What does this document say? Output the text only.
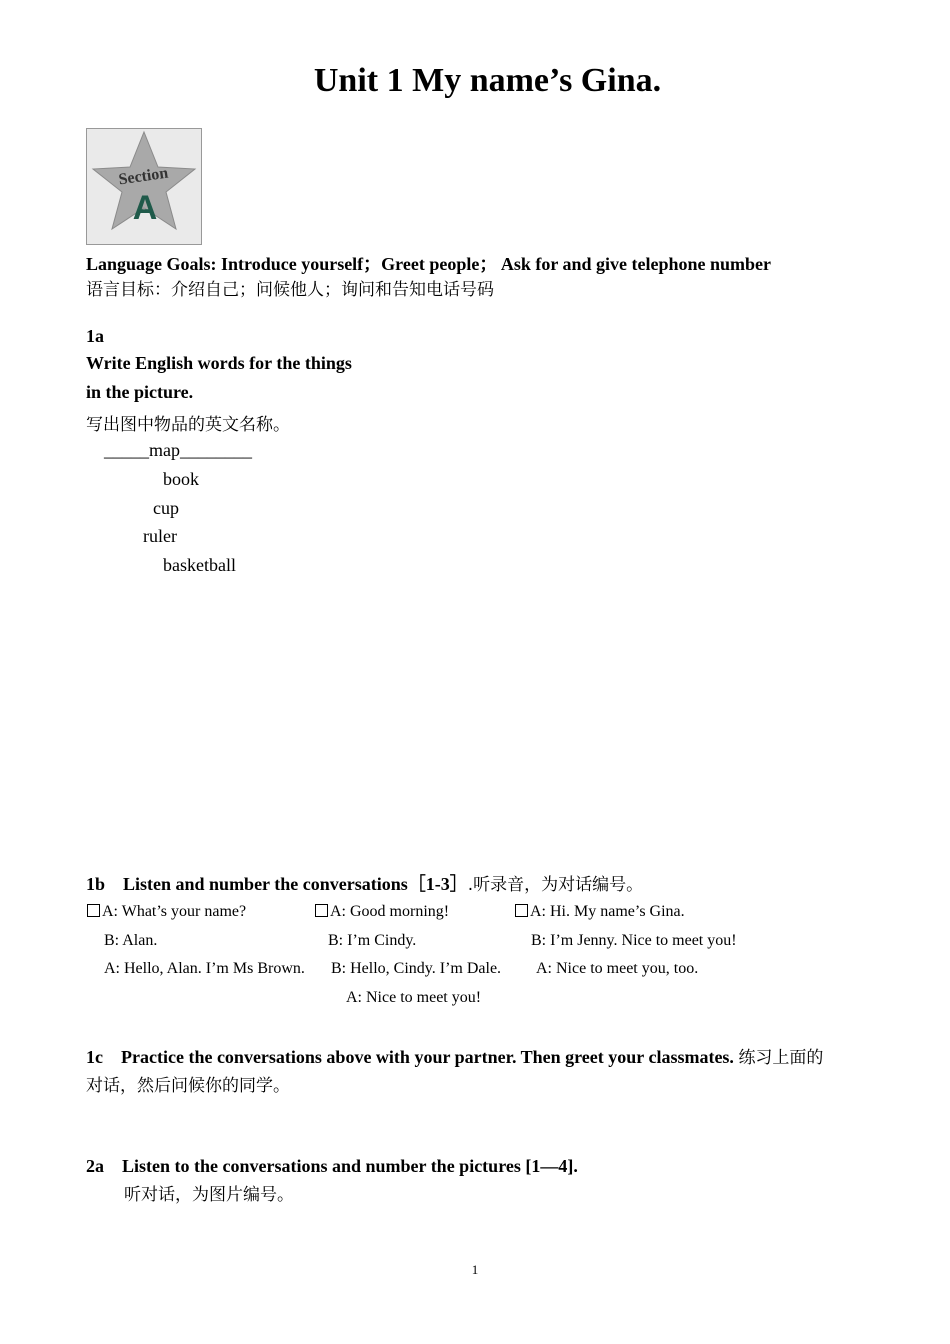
Unit 1 My name’s Gina.
Section
A
Language Goals: Introduce yourself；Greet people； Ask for and give telephone number
语言目标：介绍自己；问候他人；询问和告知电话号码
1a
Write English words for the things
in the picture.
写出图中物品的英文名称。
_____map________
book
cup
ruler
basketball
1b Listen and number the conversations［1-3］.听录音，为对话编号。
A: What’s your name?
B: Alan.
A: Hello, Alan. I’m Ms Brown.
A: Good morning!
B: I’m Cindy.
B: Hello, Cindy. I’m Dale.
A: Nice to meet you!
A: Hi. My name’s Gina.
B: I’m Jenny. Nice to meet you!
A: Nice to meet you, too.
1c Practice the conversations above with your partner. Then greet your classmates. 练习上面的
对话，然后问候你的同学。
2a Listen to the conversations and number the pictures [1—4].
听对话，为图片编号。
1
